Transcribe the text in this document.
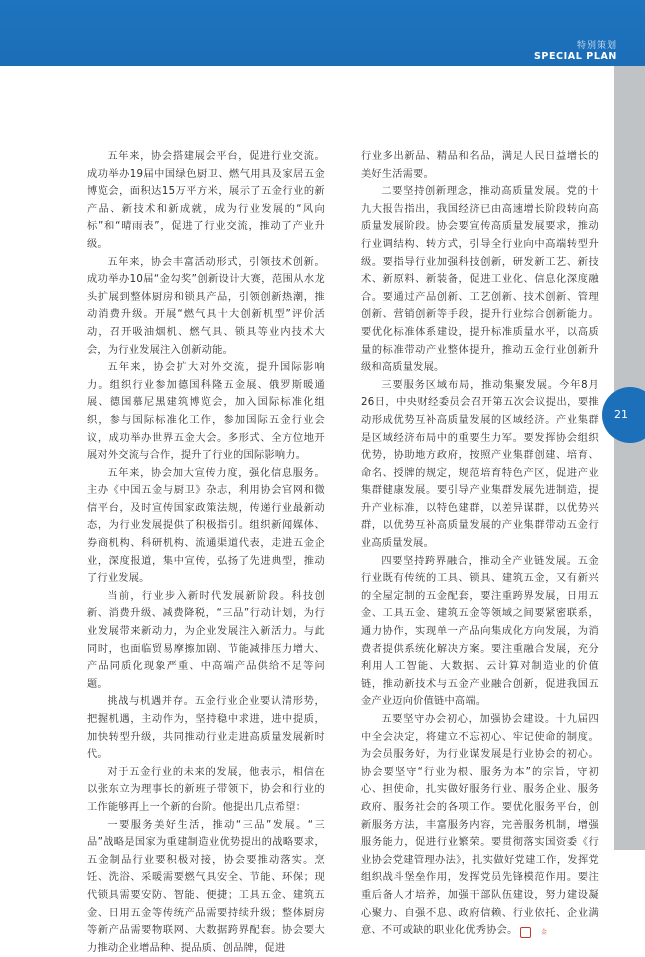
特别策划
SPECIAL PLAN
21

五年来，协会搭建展会平台，促进行业交流。成功举办19届中国绿色厨卫、燃气用具及家居五金博览会，面积达15万平方米，展示了五金行业的新产品、新技术和新成就，成为行业发展的“风向标”和“晴雨表”，促进了行业交流，推动了产业升级。

五年来，协会丰富活动形式，引领技术创新。成功举办10届“金勾奖”创新设计大赛，范围从水龙头扩展到整体厨房和锁具产品，引领创新热潮，推动消费升级。开展“燃气具十大创新机型”评价活动，召开吸油烟机、燃气具、锁具等业内技术大会，为行业发展注入创新动能。

五年来，协会扩大对外交流，提升国际影响力。组织行业参加德国科隆五金展、俄罗斯暖通展、德国慕尼黑建筑博览会，加入国际标准化组织，参与国际标准化工作，参加国际五金行业会议，成功举办世界五金大会。多形式、全方位地开展对外交流与合作，提升了行业的国际影响力。

五年来，协会加大宣传力度，强化信息服务。主办《中国五金与厨卫》杂志，利用协会官网和微信平台，及时宣传国家政策法规，传递行业最新动态，为行业发展提供了积极指引。组织新闻媒体、券商机构、科研机构、流通渠道代表，走进五金企业，深度报道，集中宣传，弘扬了先进典型，推动了行业发展。

当前，行业步入新时代发展新阶段。科技创新、消费升级、减费降税，“三品”行动计划，为行业发展带来新动力，为企业发展注入新活力。与此同时，也面临贸易摩擦加剧、节能减排压力增大、产品同质化现象严重、中高端产品供给不足等问题。

挑战与机遇并存。五金行业企业要认清形势，把握机遇，主动作为，坚持稳中求进，进中提质，加快转型升级，共同推动行业走进高质量发展新时代。

对于五金行业的未来的发展，他表示，相信在以张东立为理事长的新班子带领下，协会和行业的工作能够再上一个新的台阶。他提出几点希望：

一要服务美好生活，推动“三品”发展。“三品”战略是国家为重建制造业优势提出的战略要求，五金制品行业要积极对接，协会要推动落实。烹饪、洗浴、采暖需要燃气具安全、节能、环保；现代锁具需要安防、智能、便捷；工具五金、建筑五金、日用五金等传统产品需要持续升级；整体厨房等新产品需要物联网、大数据跨界配套。协会要大力推动企业增品种、提品质、创品牌，促进

行业多出新品、精品和名品，满足人民日益增长的美好生活需要。

二要坚持创新理念，推动高质量发展。党的十九大报告指出，我国经济已由高速增长阶段转向高质量发展阶段。协会要宣传高质量发展要求，推动行业调结构、转方式，引导全行业向中高端转型升级。要指导行业加强科技创新，研发新工艺、新技术、新原料、新装备，促进工业化、信息化深度融合。要通过产品创新、工艺创新、技术创新、管理创新、营销创新等手段，提升行业综合创新能力。要优化标准体系建设，提升标准质量水平，以高质量的标准带动产业整体提升，推动五金行业创新升级和高质量发展。

三要服务区域布局，推动集聚发展。今年8月26日，中央财经委员会召开第五次会议提出，要推动形成优势互补高质量发展的区域经济。产业集群是区域经济布局中的重要生力军。要发挥协会组织优势，协助地方政府，按照产业集群创建、培育、命名、授牌的规定，规范培育特色产区，促进产业集群健康发展。要引导产业集群发展先进制造，提升产业标准，以特色建群，以差异谋群，以优势兴群，以优势互补高质量发展的产业集群带动五金行业高质量发展。

四要坚持跨界融合，推动全产业链发展。五金行业既有传统的工具、锁具、建筑五金，又有新兴的全屋定制的五金配套，要注重跨界发展，日用五金、工具五金、建筑五金等领域之间要紧密联系，通力协作，实现单一产品向集成化方向发展，为消费者提供系统化解决方案。要注重融合发展，充分利用人工智能、大数据、云计算对制造业的价值链，推动新技术与五金产业融合创新，促进我国五金产业迈向价值链中高端。

五要坚守办会初心，加强协会建设。十九届四中全会决定，将建立不忘初心、牢记使命的制度。为会员服务好，为行业谋发展是行业协会的初心。协会要坚守“行业为根、服务为本”的宗旨，守初心、担使命，扎实做好服务行业、服务企业、服务政府、服务社会的各项工作。要优化服务平台，创新服务方法，丰富服务内容，完善服务机制，增强服务能力，促进行业繁荣。要贯彻落实国资委《行业协会党建管理办法》，扎实做好党建工作，发挥党组织战斗堡垒作用，发挥党员先锋模范作用。要注重后备人才培养，加强干部队伍建设，努力建设凝心聚力、自强不息、政府信赖、行业依托、企业满意、不可或缺的职业化优秀协会。	金
